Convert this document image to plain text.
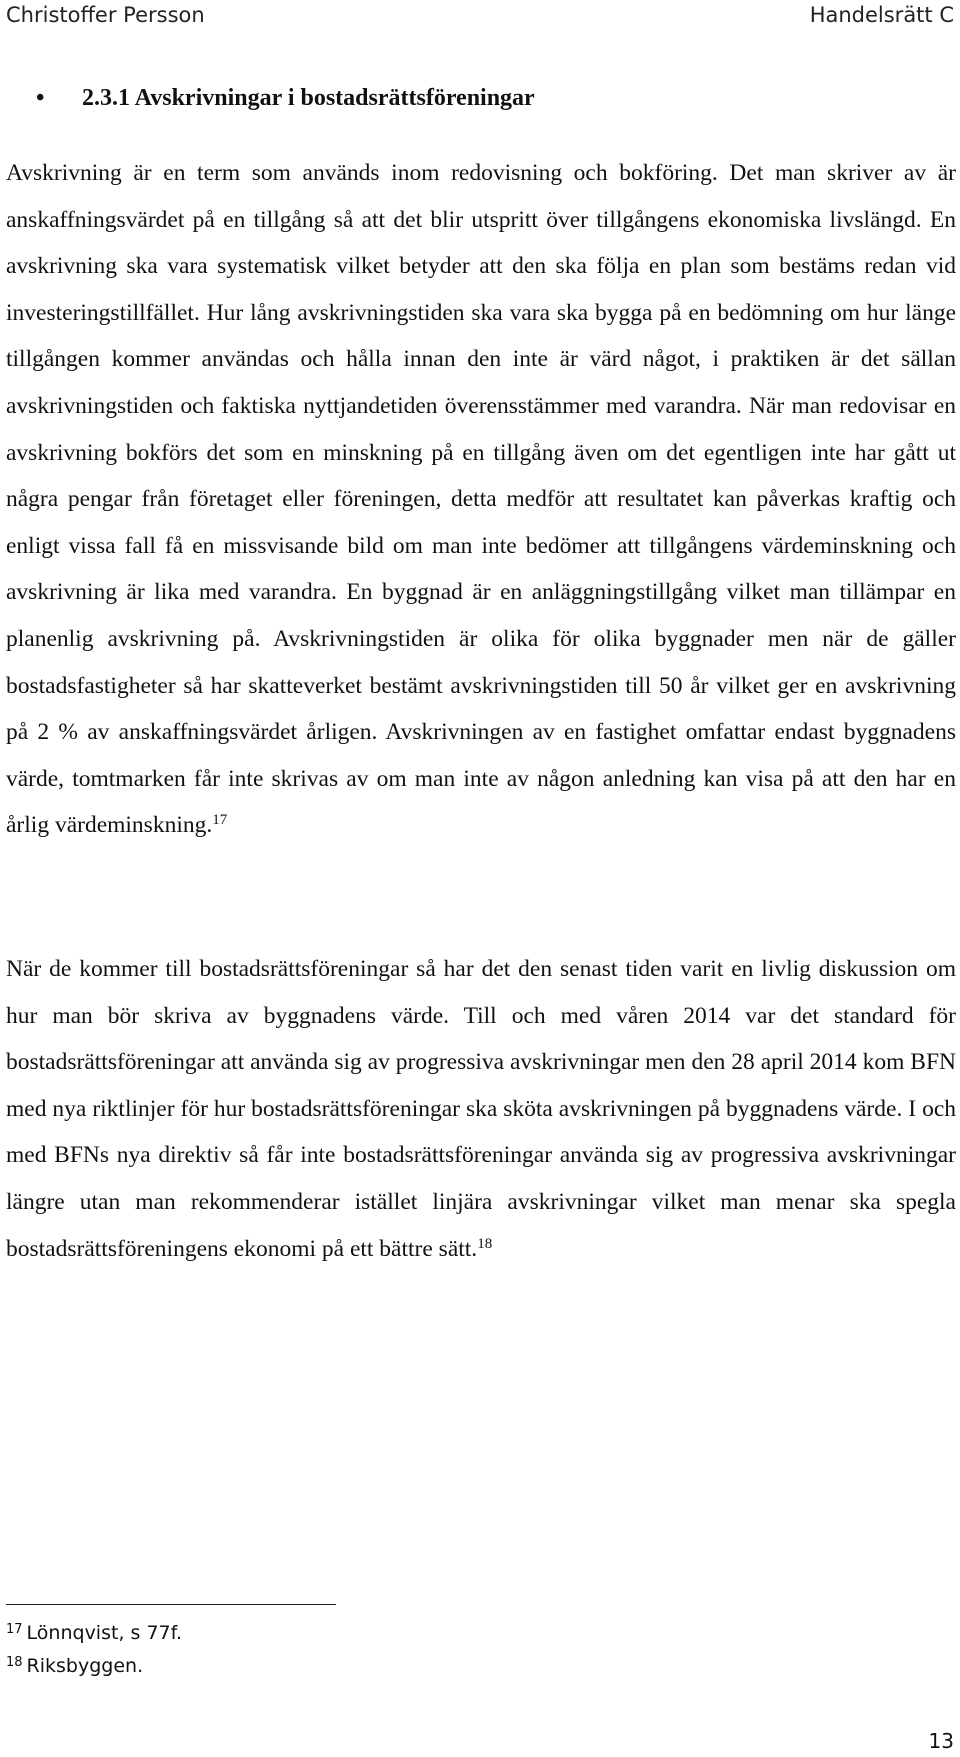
Christoffer Persson	Handelsrätt C
• 2.3.1 Avskrivningar i bostadsrättsföreningar

Avskrivning är en term som används inom redovisning och bokföring. Det man skriver av är anskaffningsvärdet på en tillgång så att det blir utspritt över tillgångens ekonomiska livslängd. En avskrivning ska vara systematisk vilket betyder att den ska följa en plan som bestäms redan vid investeringstillfället. Hur lång avskrivningstiden ska vara ska bygga på en bedömning om hur länge tillgången kommer användas och hålla innan den inte är värd något, i praktiken är det sällan avskrivningstiden och faktiska nyttjandetiden överensstämmer med varandra. När man redovisar en avskrivning bokförs det som en minskning på en tillgång även om det egentligen inte har gått ut några pengar från företaget eller föreningen, detta medför att resultatet kan påverkas kraftig och enligt vissa fall få en missvisande bild om man inte bedömer att tillgångens värdeminskning och avskrivning är lika med varandra. En byggnad är en anläggningstillgång vilket man tillämpar en planenlig avskrivning på. Avskrivningstiden är olika för olika byggnader men när de gäller bostadsfastigheter så har skatteverket bestämt avskrivningstiden till 50 år vilket ger en avskrivning på 2 % av anskaffningsvärdet årligen. Avskrivningen av en fastighet omfattar endast byggnadens värde, tomtmarken får inte skrivas av om man inte av någon anledning kan visa på att den har en årlig värdeminskning.$^{17}$

När de kommer till bostadsrättsföreningar så har det den senast tiden varit en livlig diskussion om hur man bör skriva av byggnadens värde. Till och med våren 2014 var det standard för bostadsrättsföreningar att använda sig av progressiva avskrivningar men den 28 april 2014 kom BFN med nya riktlinjer för hur bostadsrättsföreningar ska sköta avskrivningen på byggnadens värde. I och med BFNs nya direktiv så får inte bostadsrättsföreningar använda sig av progressiva avskrivningar längre utan man rekommenderar istället linjära avskrivningar vilket man menar ska spegla bostadsrättsföreningens ekonomi på ett bättre sätt.$^{18}$

$^{17}$ Lönnqvist, s 77f.
$^{18}$ Riksbyggen.
13
